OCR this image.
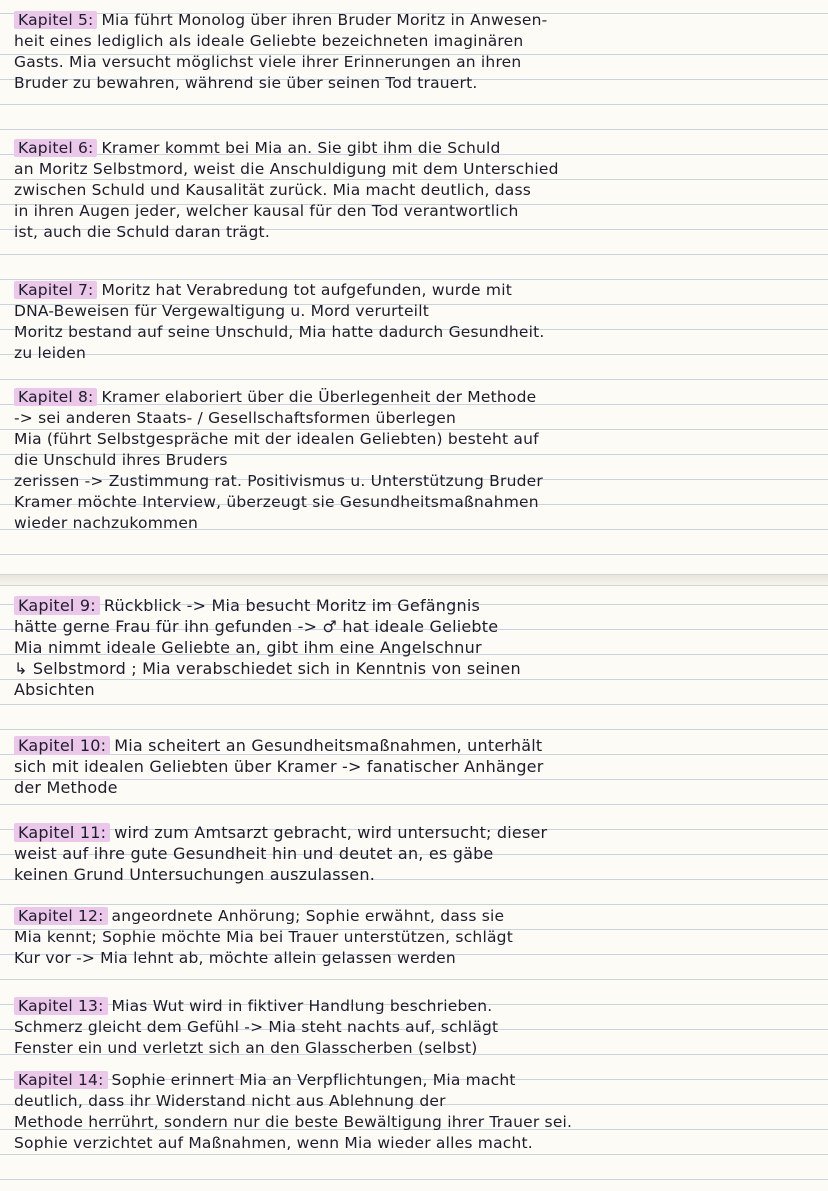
Kapitel 5: Mia führt Monolog über ihren Bruder Moritz in Anwesen-
heit eines lediglich als ideale Geliebte bezeichneten imaginären
Gasts. Mia versucht möglichst viele ihrer Erinnerungen an ihren
Bruder zu bewahren, während sie über seinen Tod trauert.
Kapitel 6: Kramer kommt bei Mia an. Sie gibt ihm die Schuld
an Moritz Selbstmord, weist die Anschuldigung mit dem Unterschied
zwischen Schuld und Kausalität zurück. Mia macht deutlich, dass
in ihren Augen jeder, welcher kausal für den Tod verantwortlich
ist, auch die Schuld daran trägt.
Kapitel 7: Moritz hat Verabredung tot aufgefunden, wurde mit
DNA-Beweisen für Vergewaltigung u. Mord verurteilt
Moritz bestand auf seine Unschuld, Mia hatte dadurch Gesundheit.
zu leiden
Kapitel 8: Kramer elaboriert über die Überlegenheit der Methode
-> sei anderen Staats- / Gesellschaftsformen überlegen
Mia (führt Selbstgespräche mit der idealen Geliebten) besteht auf
die Unschuld ihres Bruders
zerissen -> Zustimmung rat. Positivismus u. Unterstützung Bruder
Kramer möchte Interview, überzeugt sie Gesundheitsmaßnahmen
wieder nachzukommen
Kapitel 9: Rückblick -> Mia besucht Moritz im Gefängnis
hätte gerne Frau für ihn gefunden -> ♂ hat ideale Geliebte
Mia nimmt ideale Geliebte an, gibt ihm eine Angelschnur
↳ Selbstmord ; Mia verabschiedet sich in Kenntnis von seinen
Absichten
Kapitel 10: Mia scheitert an Gesundheitsmaßnahmen, unterhält
sich mit idealen Geliebten über Kramer -> fanatischer Anhänger
der Methode
Kapitel 11: wird zum Amtsarzt gebracht, wird untersucht; dieser
weist auf ihre gute Gesundheit hin und deutet an, es gäbe
keinen Grund Untersuchungen auszulassen.
Kapitel 12: angeordnete Anhörung; Sophie erwähnt, dass sie
Mia kennt; Sophie möchte Mia bei Trauer unterstützen, schlägt
Kur vor -> Mia lehnt ab, möchte allein gelassen werden
Kapitel 13: Mias Wut wird in fiktiver Handlung beschrieben.
Schmerz gleicht dem Gefühl -> Mia steht nachts auf, schlägt
Fenster ein und verletzt sich an den Glasscherben (selbst)
Kapitel 14: Sophie erinnert Mia an Verpflichtungen, Mia macht
deutlich, dass ihr Widerstand nicht aus Ablehnung der
Methode herrührt, sondern nur die beste Bewältigung ihrer Trauer sei.
Sophie verzichtet auf Maßnahmen, wenn Mia wieder alles macht.
